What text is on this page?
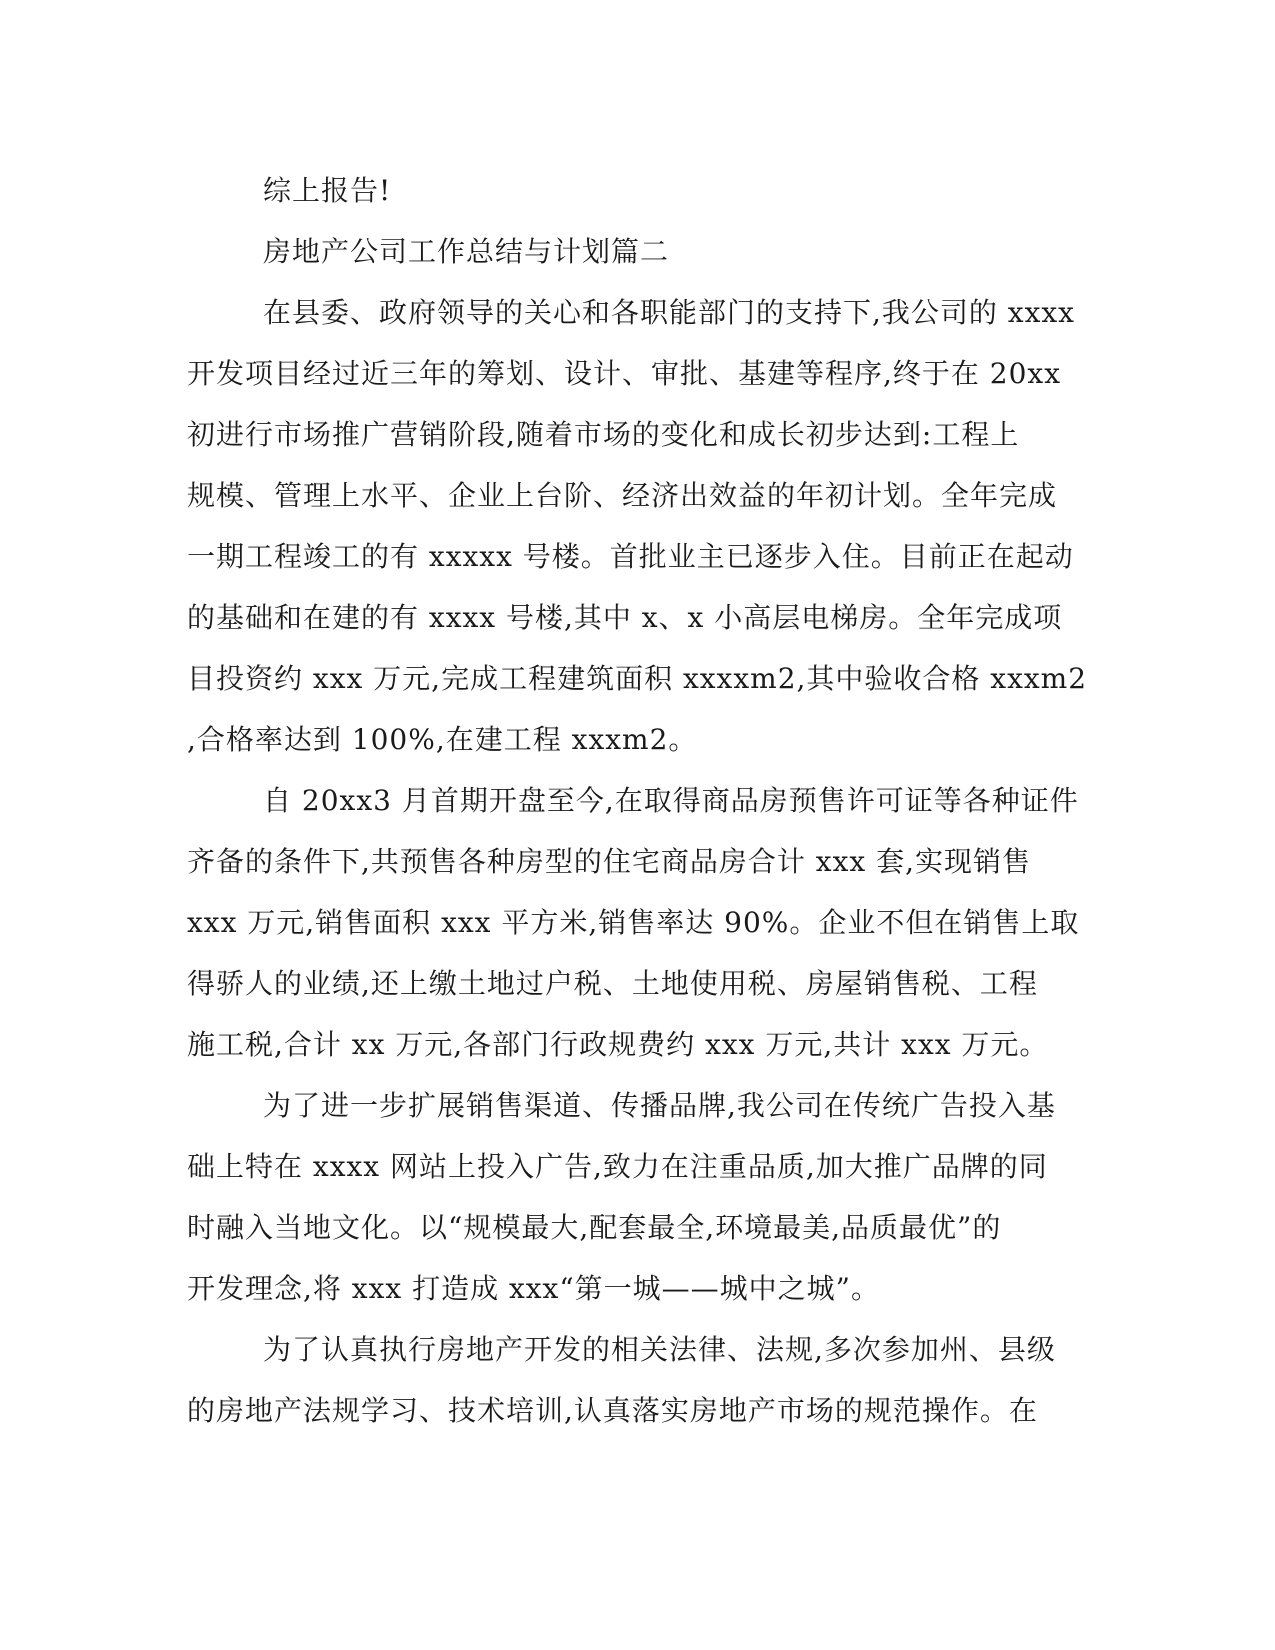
综上报告!
房地产公司工作总结与计划篇二
在县委、政府领导的关心和各职能部门的支持下,我公司的 xxxx
开发项目经过近三年的筹划、设计、审批、基建等程序,终于在 20xx
初进行市场推广营销阶段,随着市场的变化和成长初步达到:工程上
规模、管理上水平、企业上台阶、经济出效益的年初计划。全年完成
一期工程竣工的有 xxxxx 号楼。首批业主已逐步入住。目前正在起动
的基础和在建的有 xxxx 号楼,其中 x、x 小高层电梯房。全年完成项
目投资约 xxx 万元,完成工程建筑面积 xxxxm2,其中验收合格 xxxm2
,合格率达到 100%,在建工程 xxxm2。
自 20xx3 月首期开盘至今,在取得商品房预售许可证等各种证件
齐备的条件下,共预售各种房型的住宅商品房合计 xxx 套,实现销售
xxx 万元,销售面积 xxx 平方米,销售率达 90%。企业不但在销售上取
得骄人的业绩,还上缴土地过户税、土地使用税、房屋销售税、工程
施工税,合计 xx 万元,各部门行政规费约 xxx 万元,共计 xxx 万元。
为了进一步扩展销售渠道、传播品牌,我公司在传统广告投入基
础上特在 xxxx 网站上投入广告,致力在注重品质,加大推广品牌的同
时融入当地文化。以“规模最大,配套最全,环境最美,品质最优”的
开发理念,将 xxx 打造成 xxx“第一城——城中之城”。
为了认真执行房地产开发的相关法律、法规,多次参加州、县级
的房地产法规学习、技术培训,认真落实房地产市场的规范操作。在
